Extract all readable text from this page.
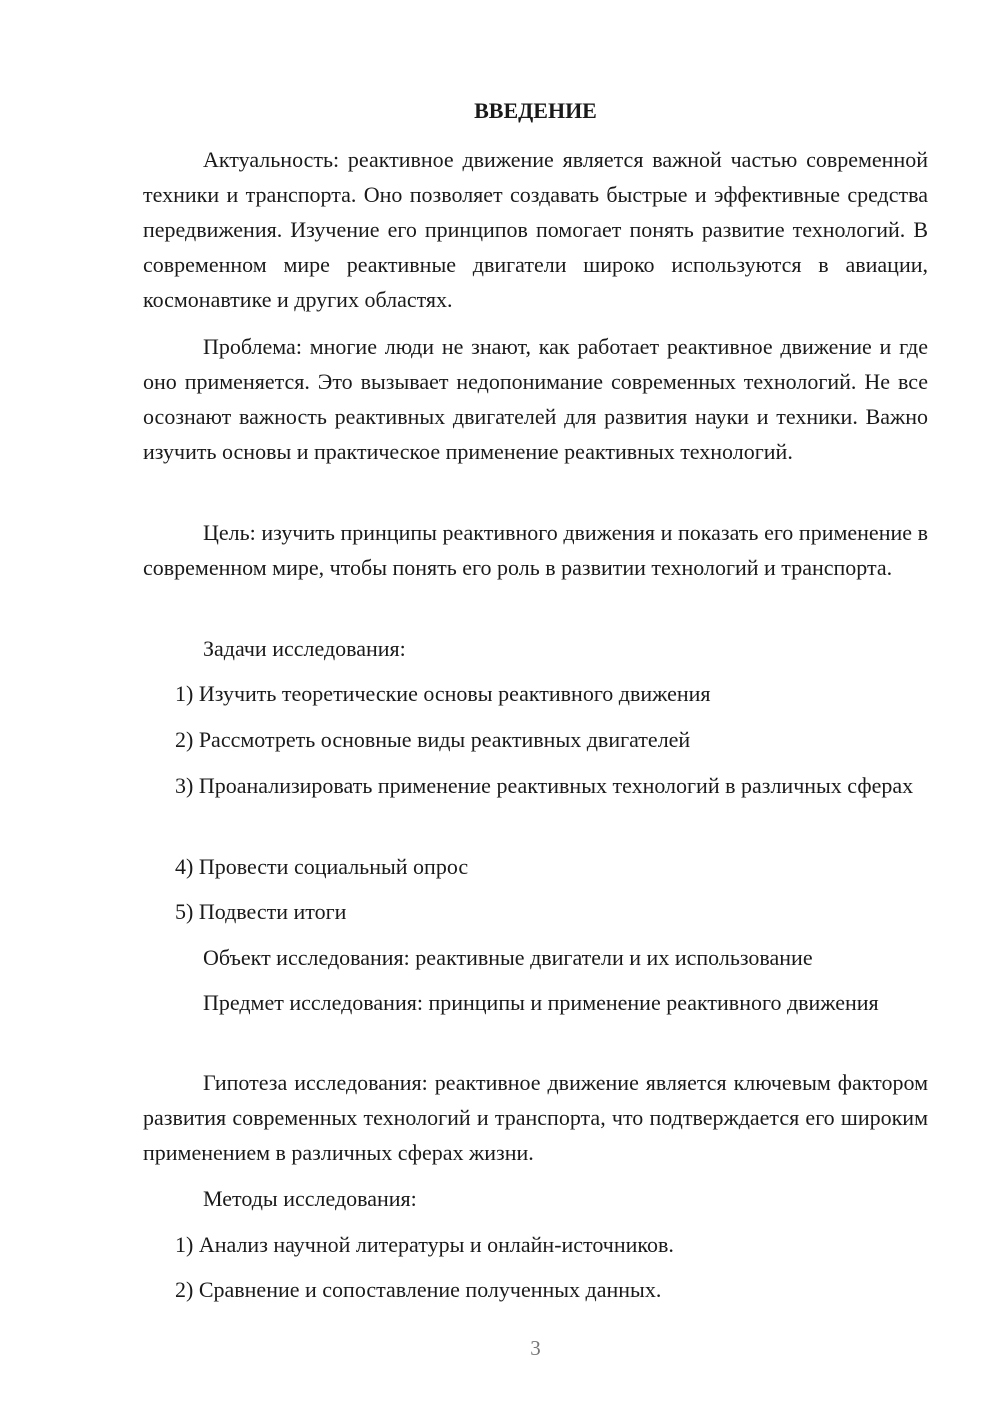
ВВЕДЕНИЕ

Актуальность: реактивное движение является важной частью современной техники и транспорта. Оно позволяет создавать быстрые и эффективные средства передвижения. Изучение его принципов помогает понять развитие технологий. В современном мире реактивные двигатели широко используются в авиации, космонавтике и других областях.

Проблема: многие люди не знают, как работает реактивное движение и где оно применяется. Это вызывает недопонимание современных технологий. Не все осознают важность реактивных двигателей для развития науки и техники. Важно изучить основы и практическое применение реактивных технологий.

Цель: изучить принципы реактивного движения и показать его применение в современном мире, чтобы понять его роль в развитии технологий и транспорта.

Задачи исследования:

1) Изучить теоретические основы реактивного движения

2) Рассмотреть основные виды реактивных двигателей

3) Проанализировать применение реактивных технологий в различных сферах

4) Провести социальный опрос

5) Подвести итоги

Объект исследования: реактивные двигатели и их использование

Предмет исследования: принципы и применение реактивного движения

Гипотеза исследования: реактивное движение является ключевым фактором развития современных технологий и транспорта, что подтверждается его широким применением в различных сферах жизни.

Методы исследования:

1) Анализ научной литературы и онлайн-источников.

2) Сравнение и сопоставление полученных данных.

3
